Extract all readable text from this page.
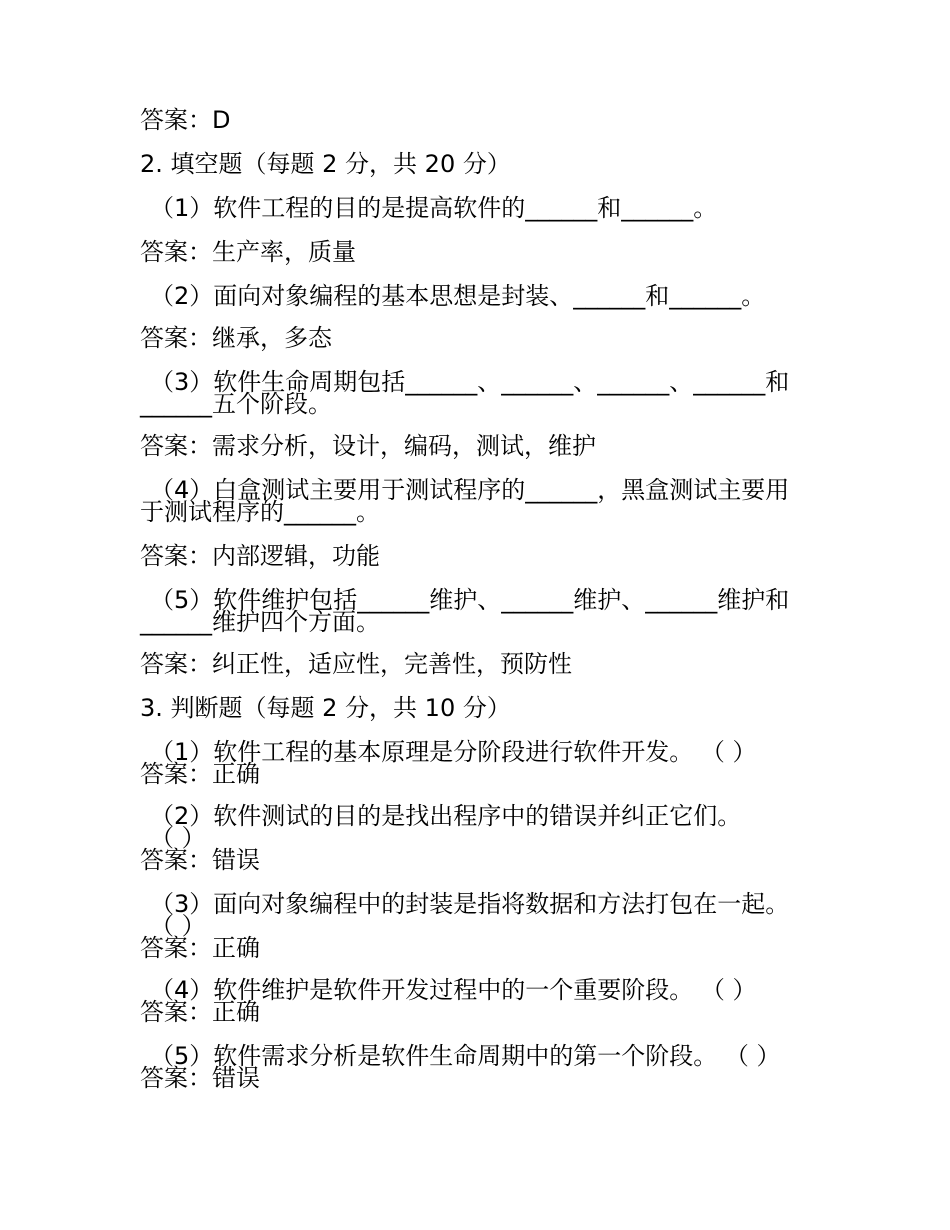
答案：D
2. 填空题（每题 2 分，共 20 分）
（1）软件工程的目的是提高软件的______和______。
答案：生产率，质量
（2）面向对象编程的基本思想是封装、______和______。
答案：继承，多态
（3）软件生命周期包括______、______、______、______和
______五个阶段。
答案：需求分析，设计，编码，测试，维护
（4）白盒测试主要用于测试程序的______，黑盒测试主要用
于测试程序的______。
答案：内部逻辑，功能
（5）软件维护包括______维护、______维护、______维护和
______维护四个方面。
答案：纠正性，适应性，完善性，预防性
3. 判断题（每题 2 分，共 10 分）
（1）软件工程的基本原理是分阶段进行软件开发。 （ ）
答案：正确
（2）软件测试的目的是找出程序中的错误并纠正它们。
（ ）
答案：错误
（3）面向对象编程中的封装是指将数据和方法打包在一起。
（ ）
答案：正确
（4）软件维护是软件开发过程中的一个重要阶段。 （ ）
答案：正确
（5）软件需求分析是软件生命周期中的第一个阶段。 （ ）
答案：错误
